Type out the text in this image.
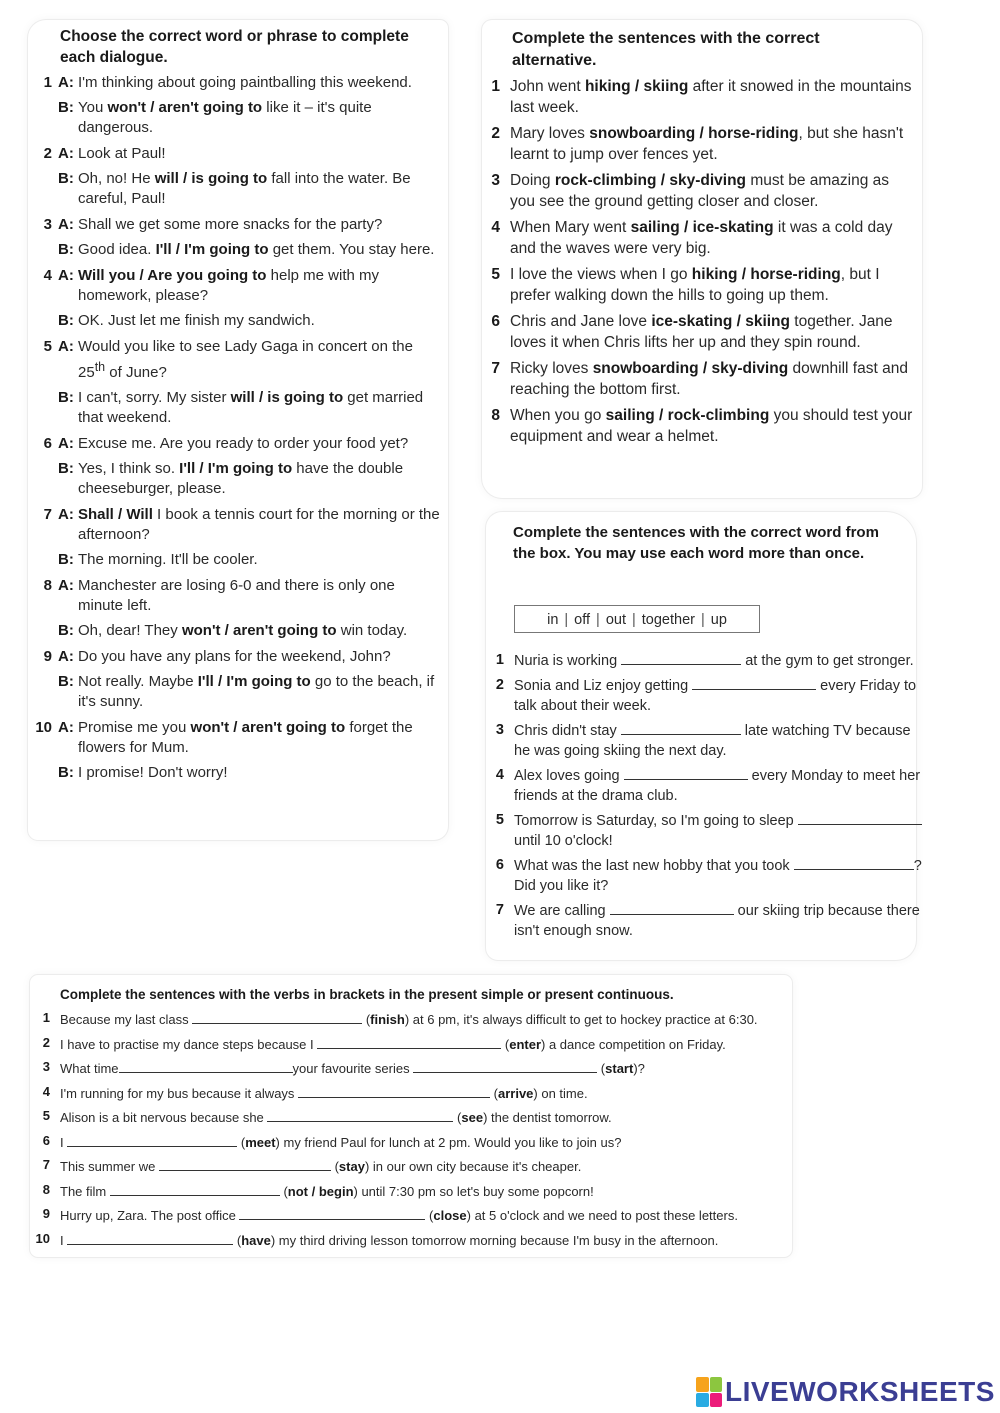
Choose the correct word or phrase to complete each dialogue.
1 A: I'm thinking about going paintballing this weekend.
B: You won't / aren't going to like it – it's quite dangerous.
2 A: Look at Paul!
B: Oh, no! He will / is going to fall into the water. Be careful, Paul!
3 A: Shall we get some more snacks for the party?
B: Good idea. I'll / I'm going to get them. You stay here.
4 A: Will you / Are you going to help me with my homework, please?
B: OK. Just let me finish my sandwich.
5 A: Would you like to see Lady Gaga in concert on the 25th of June?
B: I can't, sorry. My sister will / is going to get married that weekend.
6 A: Excuse me. Are you ready to order your food yet?
B: Yes, I think so. I'll / I'm going to have the double cheeseburger, please.
7 A: Shall / Will I book a tennis court for the morning or the afternoon?
B: The morning. It'll be cooler.
8 A: Manchester are losing 6-0 and there is only one minute left.
B: Oh, dear! They won't / aren't going to win today.
9 A: Do you have any plans for the weekend, John?
B: Not really. Maybe I'll / I'm going to go to the beach, if it's sunny.
10 A: Promise me you won't / aren't going to forget the flowers for Mum.
B: I promise! Don't worry!
Complete the sentences with the correct alternative.
1 John went hiking / skiing after it snowed in the mountains last week.
2 Mary loves snowboarding / horse-riding, but she hasn't learnt to jump over fences yet.
3 Doing rock-climbing / sky-diving must be amazing as you see the ground getting closer and closer.
4 When Mary went sailing / ice-skating it was a cold day and the waves were very big.
5 I love the views when I go hiking / horse-riding, but I prefer walking down the hills to going up them.
6 Chris and Jane love ice-skating / skiing together. Jane loves it when Chris lifts her up and they spin round.
7 Ricky loves snowboarding / sky-diving downhill fast and reaching the bottom first.
8 When you go sailing / rock-climbing you should test your equipment and wear a helmet.
Complete the sentences with the correct word from the box. You may use each word more than once.
in | off | out | together | up
1 Nuria is working	at the gym to get stronger.
2 Sonia and Liz enjoy getting	every Friday to talk about their week.
3 Chris didn't stay	late watching TV because he was going skiing the next day.
4 Alex loves going	every Monday to meet her friends at the drama club.
5 Tomorrow is Saturday, so I'm going to sleep  until 10 o'clock!
6 What was the last new hobby that you took	? Did you like it?
7 We are calling	our skiing trip because there isn't enough snow.
Complete the sentences with the verbs in brackets in the present simple or present continuous.
1 Because my last class	(finish) at 6 pm, it's always difficult to get to hockey practice at 6:30.
2 I have to practise my dance steps because I	(enter) a dance competition on Friday.
3 What time	your favourite series	(start)?
4 I'm running for my bus because it always	(arrive) on time.
5 Alison is a bit nervous because she	(see) the dentist tomorrow.
6 I	(meet) my friend Paul for lunch at 2 pm. Would you like to join us?
7 This summer we	(stay) in our own city because it's cheaper.
8 The film	(not / begin) until 7:30 pm so let's buy some popcorn!
9 Hurry up, Zara. The post office	(close) at 5 o'clock and we need to post these letters.
10 I	(have) my third driving lesson tomorrow morning because I'm busy in the afternoon.
LIVEWORKSHEETS
